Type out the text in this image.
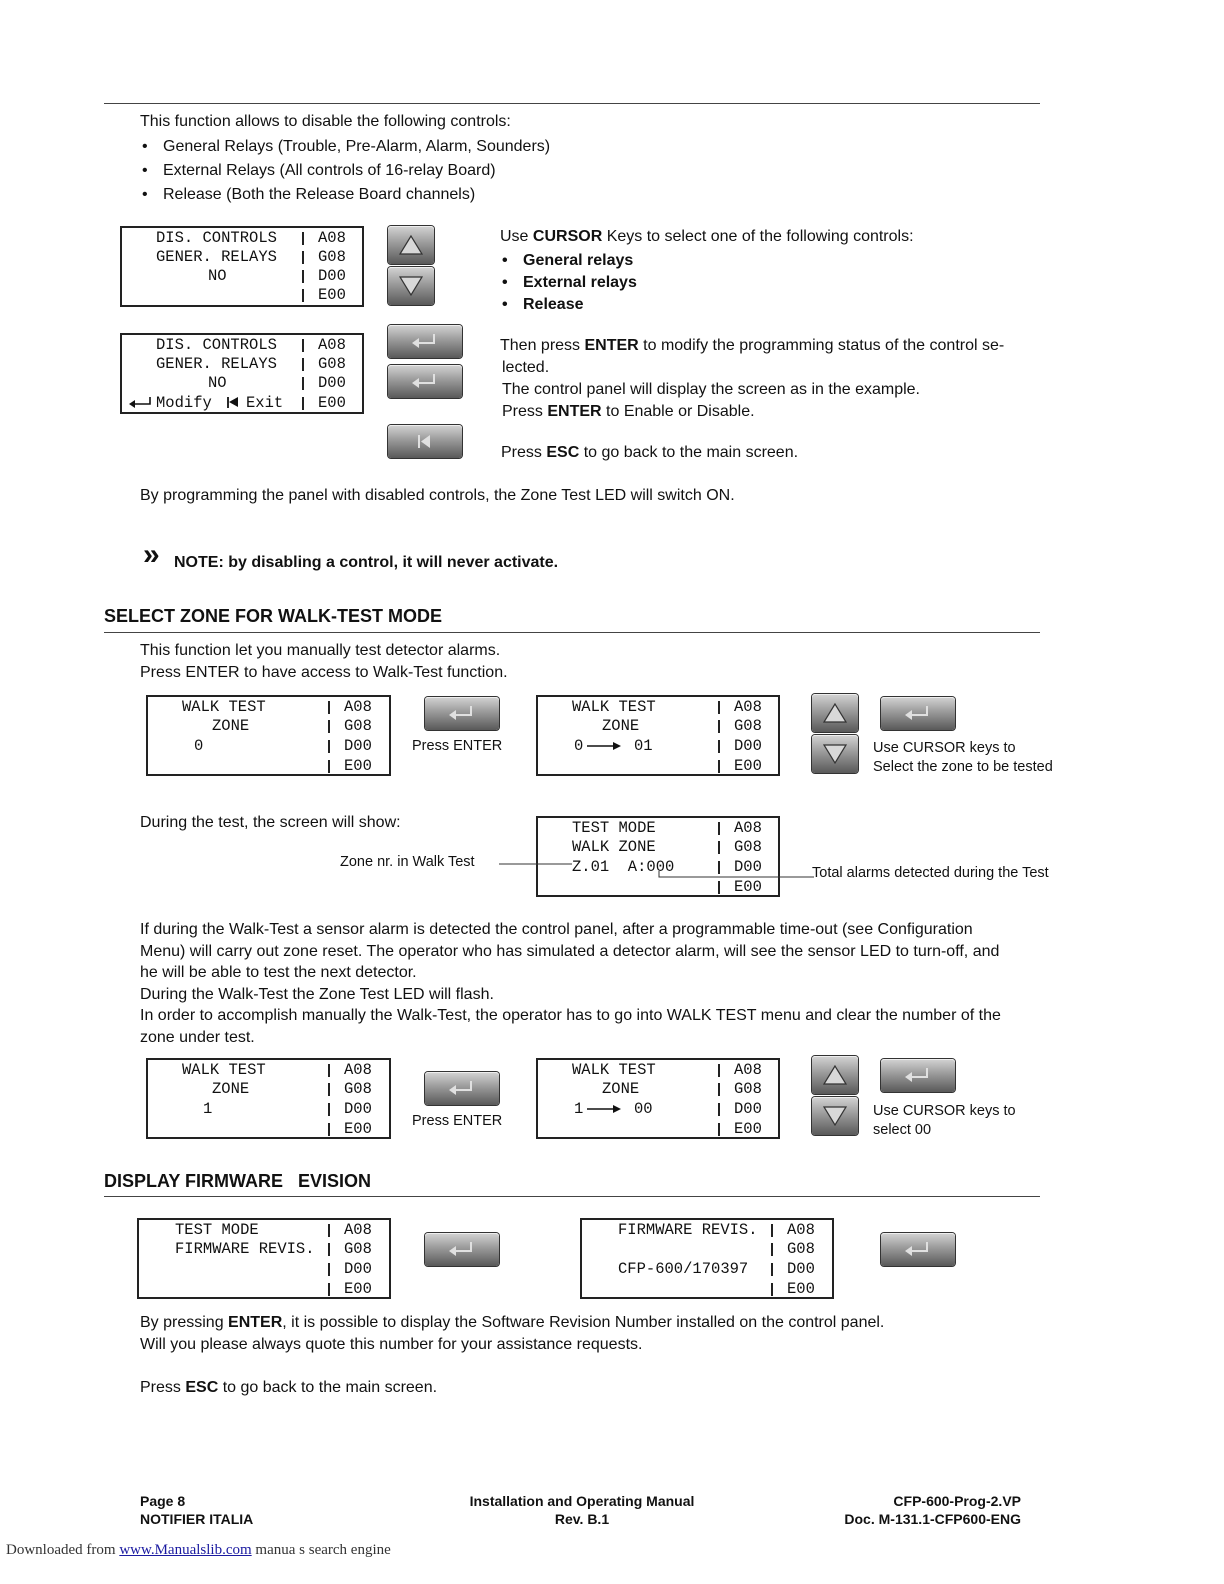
This function allows to disable the following controls:

• General Relays (Trouble, Pre-Alarm, Alarm, Sounders)
• External Relays (All controls of 16-relay Board)
• Release (Both the Release Board channels)
DIS. CONTROLS	A08
GENER. RELAYS	G08
NO	D00
E00
Use CURSOR Keys to select one of the following controls:
• General relays
• External relays
• Release
DIS. CONTROLS	A08
GENER. RELAYS	G08
NO	D00
Modify Exit E00
Then press ENTER to modify the programming status of the control se-
lected.
The control panel will display the screen as in the example.
Press ENTER to Enable or Disable.
Press ESC to go back to the main screen.
By programming the panel with disabled controls, the Zone Test LED will switch ON.
» NOTE: by disabling a control, it will never activate.
SELECT ZONE FOR WALK-TEST MODE
This function let you manually test detector alarms.
Press ENTER to have access to Walk-Test function.
WALK TEST	A08
ZONE	G08
0	D00
E00
Press ENTER
WALK TEST	A08
ZONE	G08
0	01	D00
E00
Use CURSOR keys to
Select the zone to be tested
During the test, the screen will show:	TEST MODE	A08
WALK ZONE	G08
Z.01  A:000	D00
E00
Zone nr. in Walk Test
Total alarms detected during the Test
If during the Walk-Test a sensor alarm is detected the control panel, after a programmable time-out (see Configuration
Menu) will carry out zone reset. The operator who has simulated a detector alarm, will see the sensor LED to turn-off, and
he will be able to test the next detector.
During the Walk-Test the Zone Test LED will flash.
In order to accomplish manually the Walk-Test, the operator has to go into WALK TEST menu and clear the number of the
zone under test.
WALK TEST	A08
ZONE	G08
1	D00
E00	Press ENTER
WALK TEST	A08
ZONE	G08
1	00	D00
E00
Use CURSOR keys to
select 00
DISPLAY FIRMWARE   EVISION
TEST MODE	A08
FIRMWARE REVIS. G08
D00
E00
FIRMWARE REVIS. A08
G08
CFP-600/170397	D00
E00
By pressing ENTER, it is possible to display the Software Revision Number installed on the control panel.
Will you please always quote this number for your assistance requests.
Press ESC to go back to the main screen.
Page 8
NOTIFIER ITALIA
Installation and Operating Manual
Rev. B.1
CFP-600-Prog-2.VP
Doc. M-131.1-CFP600-ENG
Downloaded from www.Manualslib.com manua s search engine
